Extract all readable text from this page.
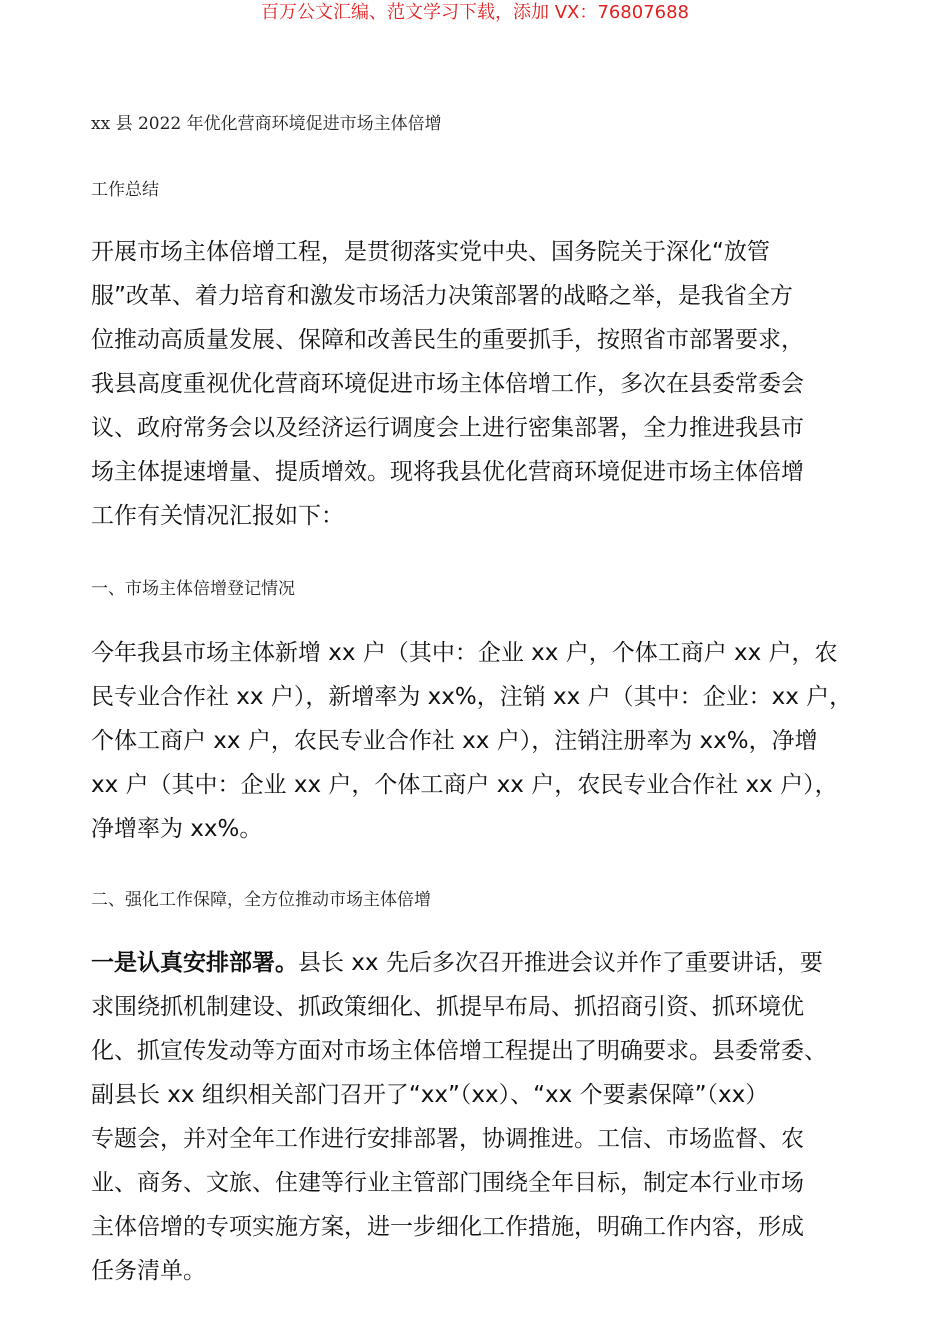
百万公文汇编、范文学习下载，添加 VX：76807688
xx 县 2022 年优化营商环境促进市场主体倍增
工作总结
开展市场主体倍增工程，是贯彻落实党中央、国务院关于深化“放管
服”改革、着力培育和激发市场活力决策部署的战略之举，是我省全方
位推动高质量发展、保障和改善民生的重要抓手，按照省市部署要求，
我县高度重视优化营商环境促进市场主体倍增工作，多次在县委常委会
议、政府常务会以及经济运行调度会上进行密集部署，全力推进我县市
场主体提速增量、提质增效。现将我县优化营商环境促进市场主体倍增
工作有关情况汇报如下：
一、市场主体倍增登记情况
今年我县市场主体新增 xx 户（其中：企业 xx 户，个体工商户 xx 户，农
民专业合作社 xx 户），新增率为 xx%，注销 xx 户（其中：企业：xx 户，
个体工商户 xx 户，农民专业合作社 xx 户），注销注册率为 xx%，净增
xx 户（其中：企业 xx 户，个体工商户 xx 户，农民专业合作社 xx 户），
净增率为 xx%。
二、强化工作保障，全方位推动市场主体倍增
一是认真安排部署。县长 xx 先后多次召开推进会议并作了重要讲话，要
求围绕抓机制建设、抓政策细化、抓提早布局、抓招商引资、抓环境优
化、抓宣传发动等方面对市场主体倍增工程提出了明确要求。县委常委、
副县长 xx 组织相关部门召开了“xx”（xx）、“xx 个要素保障”（xx）
专题会，并对全年工作进行安排部署，协调推进。工信、市场监督、农
业、商务、文旅、住建等行业主管部门围绕全年目标，制定本行业市场
主体倍增的专项实施方案，进一步细化工作措施，明确工作内容，形成
任务清单。
